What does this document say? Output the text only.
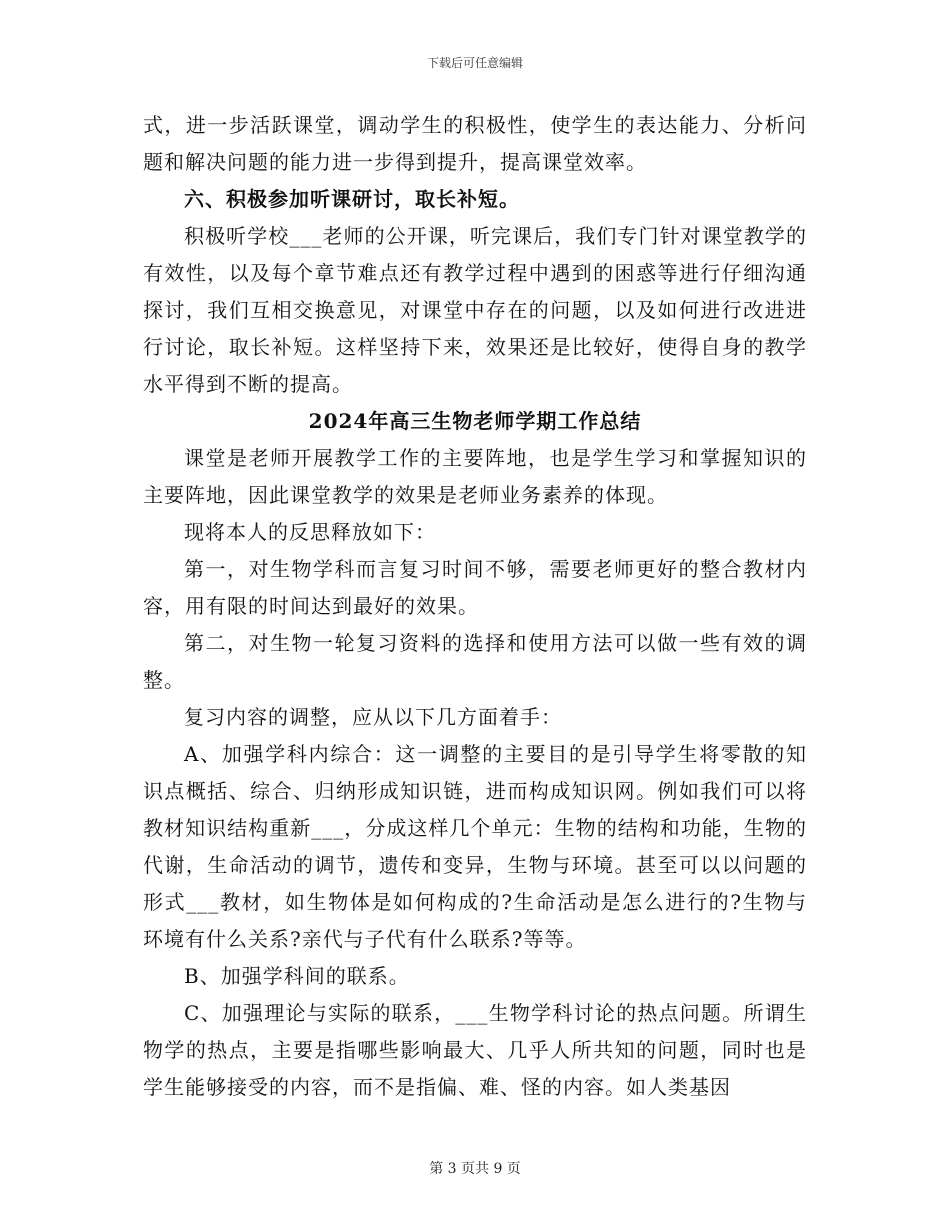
下载后可任意编辑

式，进一步活跃课堂，调动学生的积极性，使学生的表达能力、分析问题和解决问题的能力进一步得到提升，提高课堂效率。

六、积极参加听课研讨，取长补短。

积极听学校___老师的公开课，听完课后，我们专门针对课堂教学的有效性，以及每个章节难点还有教学过程中遇到的困惑等进行仔细沟通探讨，我们互相交换意见，对课堂中存在的问题，以及如何进行改进进行讨论，取长补短。这样坚持下来，效果还是比较好，使得自身的教学水平得到不断的提高。

2024年高三生物老师学期工作总结

课堂是老师开展教学工作的主要阵地，也是学生学习和掌握知识的主要阵地，因此课堂教学的效果是老师业务素养的体现。

现将本人的反思释放如下：

第一，对生物学科而言复习时间不够，需要老师更好的整合教材内容，用有限的时间达到最好的效果。

第二，对生物一轮复习资料的选择和使用方法可以做一些有效的调整。

复习内容的调整，应从以下几方面着手：

A、加强学科内综合：这一调整的主要目的是引导学生将零散的知识点概括、综合、归纳形成知识链，进而构成知识网。例如我们可以将教材知识结构重新___，分成这样几个单元：生物的结构和功能，生物的代谢，生命活动的调节，遗传和变异，生物与环境。甚至可以以问题的形式___教材，如生物体是如何构成的?生命活动是怎么进行的?生物与环境有什么关系?亲代与子代有什么联系?等等。

B、加强学科间的联系。

C、加强理论与实际的联系，___生物学科讨论的热点问题。所谓生物学的热点，主要是指哪些影响最大、几乎人所共知的问题，同时也是学生能够接受的内容，而不是指偏、难、怪的内容。如人类基因

第 3 页共 9 页
